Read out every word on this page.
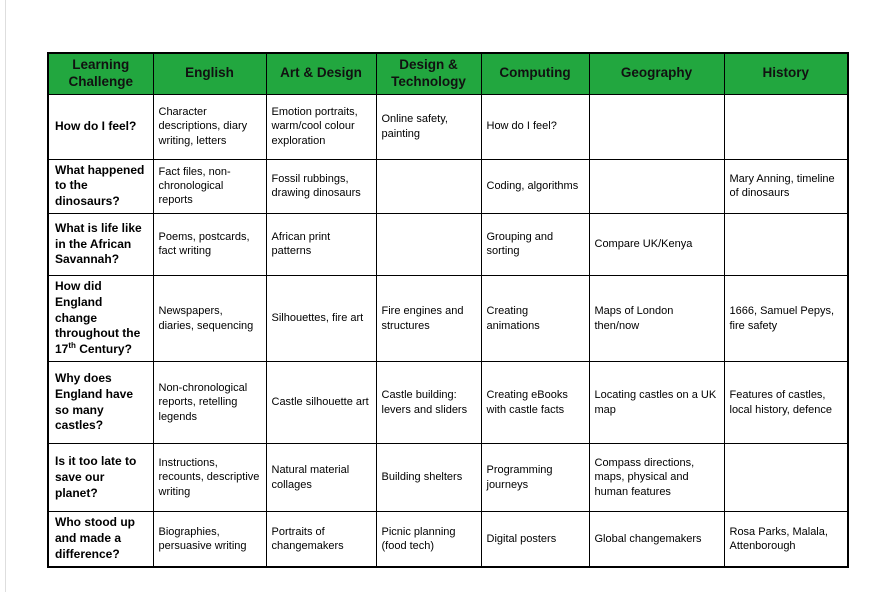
Learning Challenge	English	Art & Design	Design & Technology	Computing	Geography	History
How do I feel?	Character descriptions, diary writing, letters	Emotion portraits, warm/cool colour exploration	Online safety, painting	How do I feel?		
What happened to the dinosaurs?	Fact files, non-chronological reports	Fossil rubbings, drawing dinosaurs		Coding, algorithms		Mary Anning, timeline of dinosaurs
What is life like in the African Savannah?	Poems, postcards, fact writing	African print patterns		Grouping and sorting	Compare UK/Kenya	
How did England change throughout the 17th Century?	Newspapers, diaries, sequencing	Silhouettes, fire art	Fire engines and structures	Creating animations	Maps of London then/now	1666, Samuel Pepys, fire safety
Why does England have so many castles?	Non-chronological reports, retelling legends	Castle silhouette art	Castle building: levers and sliders	Creating eBooks with castle facts	Locating castles on a UK map	Features of castles, local history, defence
Is it too late to save our planet?	Instructions, recounts, descriptive writing	Natural material collages	Building shelters	Programming journeys	Compass directions, maps, physical and human features	
Who stood up and made a difference?	Biographies, persuasive writing	Portraits of changemakers	Picnic planning (food tech)	Digital posters	Global changemakers	Rosa Parks, Malala, Attenborough
